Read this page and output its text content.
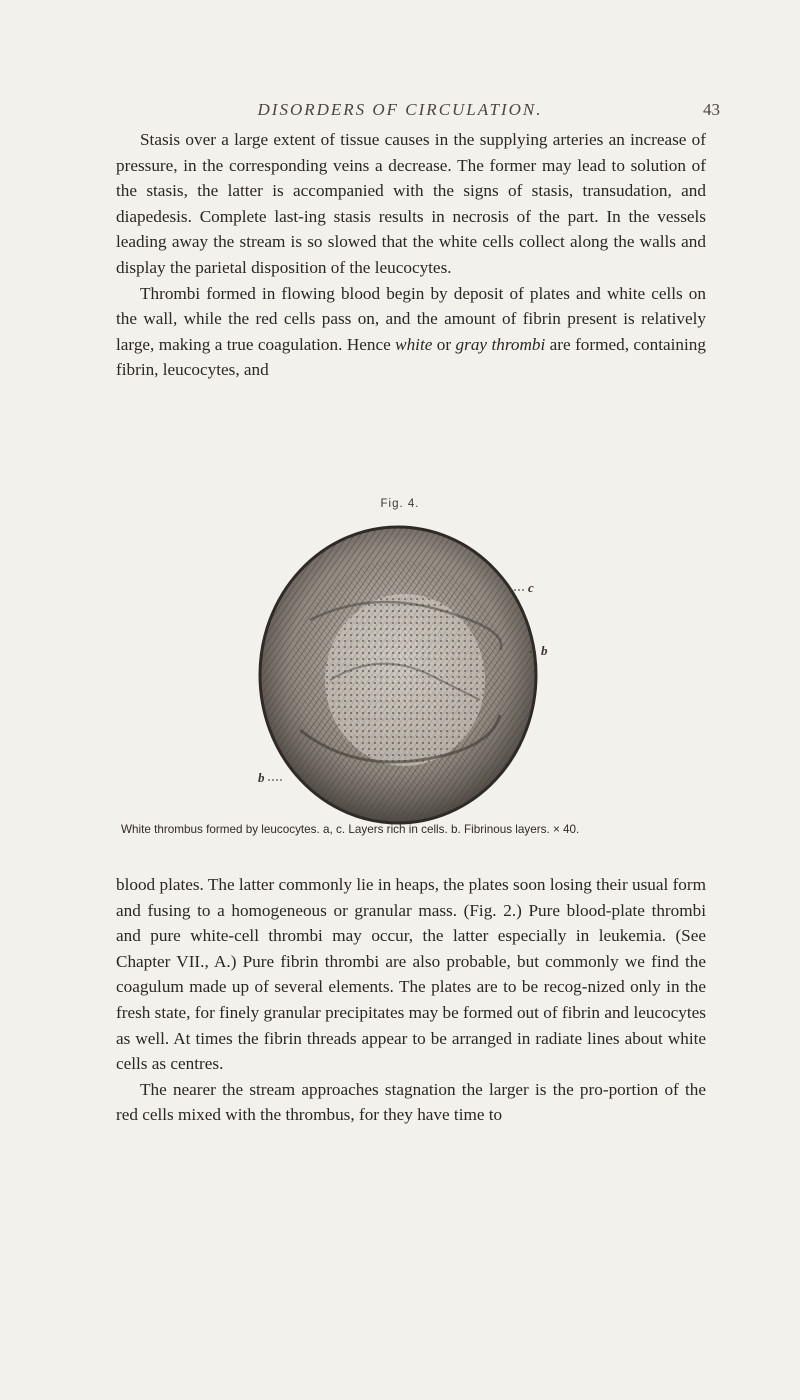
DISORDERS OF CIRCULATION.	43

Stasis over a large extent of tissue causes in the supplying arteries an increase of pressure, in the corresponding veins a decrease. The former may lead to solution of the stasis, the latter is accompanied with the signs of stasis, transudation, and diapedesis. Complete last-ing stasis results in necrosis of the part. In the vessels leading away the stream is so slowed that the white cells collect along the walls and display the parietal disposition of the leucocytes.

Thrombi formed in flowing blood begin by deposit of plates and white cells on the wall, while the red cells pass on, and the amount of fibrin present is relatively large, making a true coagulation. Hence white or gray thrombi are formed, containing fibrin, leucocytes, and

Fig. 4.
c
b
b
White thrombus formed by leucocytes. a, c. Layers rich in cells. b. Fibrinous layers. × 40.

blood plates. The latter commonly lie in heaps, the plates soon losing their usual form and fusing to a homogeneous or granular mass. (Fig. 2.) Pure blood-plate thrombi and pure white-cell thrombi may occur, the latter especially in leukemia. (See Chapter VII., A.) Pure fibrin thrombi are also probable, but commonly we find the coagulum made up of several elements. The plates are to be recog-nized only in the fresh state, for finely granular precipitates may be formed out of fibrin and leucocytes as well. At times the fibrin threads appear to be arranged in radiate lines about white cells as centres.

The nearer the stream approaches stagnation the larger is the pro-portion of the red cells mixed with the thrombus, for they have time to
